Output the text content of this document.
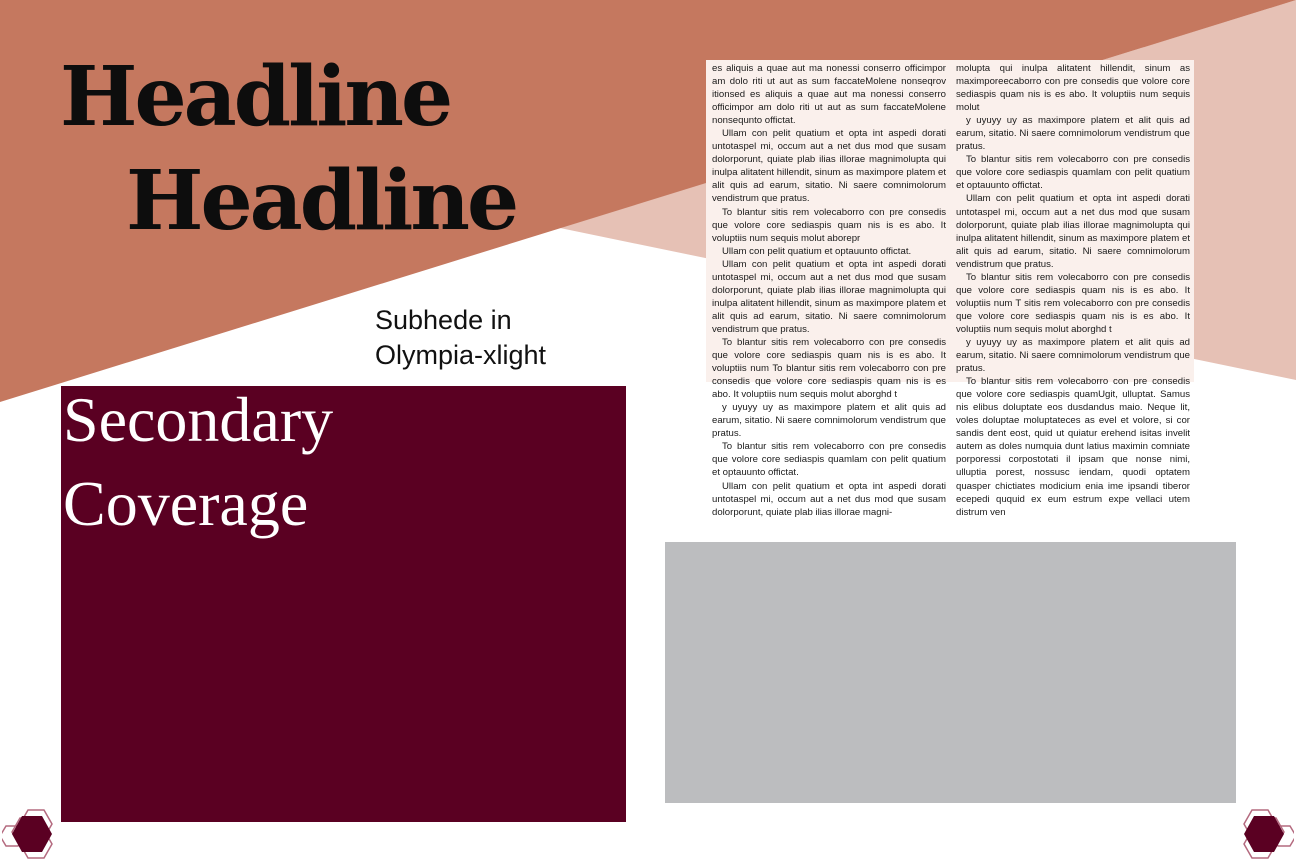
Headline
Headline
Subhede in Olympia-xlight
Secondary
Coverage

es aliquis a quae aut ma nonessi conserro officimpor am dolo riti ut aut as sum faccateMolene nonseqrov itionsed es aliquis a quae aut ma nonessi conserro officimpor am dolo riti ut aut as sum faccateMolene nonsequnto offictat.

Ullam con pelit quatium et opta int aspedi dorati untotaspel mi, occum aut a net dus mod que susam dolorporunt, quiate plab ilias illorae magnimolupta qui inulpa alitatent hillendit, sinum as maximpore platem et alit quis ad earum, sitatio. Ni saere comnimolorum vendistrum que pratus.

To blantur sitis rem volecaborro con pre consedis que volore core sediaspis quam nis is es abo. It voluptiis num sequis molut aborepr

Ullam con pelit quatium et optauunto offictat.

Ullam con pelit quatium et opta int aspedi dorati untotaspel mi, occum aut a net dus mod que susam dolorporunt, quiate plab ilias illorae magnimolupta qui inulpa alitatent hillendit, sinum as maximpore platem et alit quis ad earum, sitatio. Ni saere comnimolorum vendistrum que pratus.

To blantur sitis rem volecaborro con pre consedis que volore core sediaspis quam nis is es abo. It voluptiis num To blantur sitis rem volecaborro con pre consedis que volore core sediaspis quam nis is es abo. It voluptiis num sequis molut aborghd t

y uyuyy uy as maximpore platem et alit quis ad earum, sitatio. Ni saere comnimolorum vendistrum que pratus.

To blantur sitis rem volecaborro con pre consedis que volore core sediaspis quamlam con pelit quatium et optauunto offictat.

Ullam con pelit quatium et opta int aspedi dorati untotaspel mi, occum aut a net dus mod que susam dolorporunt, quiate plab ilias illorae magni-

molupta qui inulpa alitatent hillendit, sinum as maximporeecaborro con pre consedis que volore core sediaspis quam nis is es abo. It voluptiis num sequis molut

y uyuyy uy as maximpore platem et alit quis ad earum, sitatio. Ni saere comnimolorum vendistrum que pratus.

To blantur sitis rem volecaborro con pre consedis que volore core sediaspis quamlam con pelit quatium et optauunto offictat.

Ullam con pelit quatium et opta int aspedi dorati untotaspel mi, occum aut a net dus mod que susam dolorporunt, quiate plab ilias illorae magnimolupta qui inulpa alitatent hillendit, sinum as maximpore platem et alit quis ad earum, sitatio. Ni saere comnimolorum vendistrum que pratus.

To blantur sitis rem volecaborro con pre consedis que volore core sediaspis quam nis is es abo. It voluptiis num T sitis rem volecaborro con pre consedis que volore core sediaspis quam nis is es abo. It voluptiis num sequis molut aborghd t

y uyuyy uy as maximpore platem et alit quis ad earum, sitatio. Ni saere comnimolorum vendistrum que pratus.

To blantur sitis rem volecaborro con pre consedis que volore core sediaspis quamUgit, ulluptat. Samus nis elibus doluptate eos dusdandus maio. Neque lit, voles doluptae moluptateces as evel et volore, si cor sandis dent eost, quid ut quiatur erehend isitas invelit autem as doles numquia dunt latius maximin comniate porporessi corpostotati il ipsam que nonse nimi, ulluptia porest, nossusc iendam, quodi optatem quasper chictiates modicium enia ime ipsandi tiberor ecepedi ququid ex eum estrum expe vellaci utem distrum ven
